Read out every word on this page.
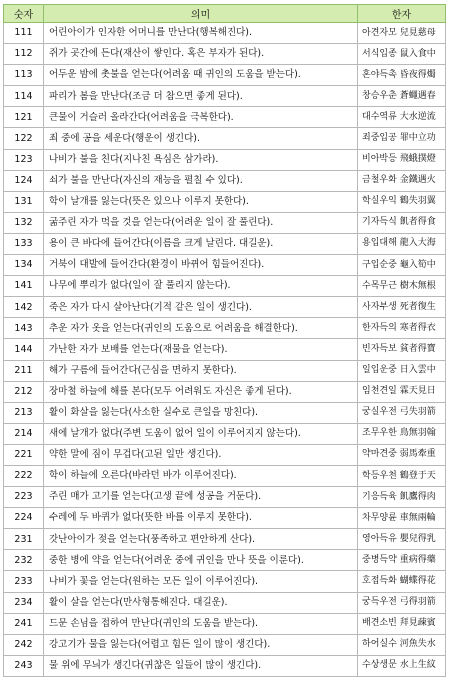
숫자	의미	한자
111	어린아이가 인자한 어머니를 만난다(행복해진다).	아견자모 兒見慈母
112	쥐가 곳간에 든다(재산이 쌓인다. 혹은 부자가 된다).	서식입종 鼠入食中
113	어두운 밤에 촛불을 얻는다(어려움 때 귀인의 도움을 받는다).	혼야득촉 昏夜得燭
114	파리가 봄을 만난다(조금 더 참으면 좋게 된다).	창승우춘 蒼蠅遇春
121	큰물이 거슬러 올라간다(어려움을 극복한다).	대수역류 大水逆流
122	죄 중에 공을 세운다(행운이 생긴다).	죄중입공 罪中立功
123	나비가 불을 친다(지나친 욕심은 삼가라).	비아박등 飛蛾撲燈
124	쇠가 불을 만난다(자신의 재능을 펼칠 수 있다).	금철우화 金鐵遇火
131	학이 날개를 잃는다(뜻은 있으나 이루지 못한다).	학실우익 鶴失羽翼
132	굶주린 자가 먹을 것을 얻는다(어려운 일이 잘 풀린다).	기자득식 飢者得食
133	용이 큰 바다에 들어간다(이름을 크게 날린다. 대길운).	용입대해 龍入大海
134	거북이 대발에 들어간다(환경이 바뀌어 힘들어진다).	구입순중 龜入筍中
141	나무에 뿌리가 없다(일이 잘 풀리지 않는다).	수목무근 樹木無根
142	죽은 자가 다시 살아난다(기적 같은 일이 생긴다).	사자부생 死者復生
143	추운 자가 옷을 얻는다(귀인의 도움으로 어려움을 해결한다).	한자득의 寒者得衣
144	가난한 자가 보배를 얻는다(재물을 얻는다).	빈자득보 貧者得寶
211	해가 구름에 들어간다(근심을 면하지 못한다).	일입운중 日入雲中
212	장마철 하늘에 해를 본다(모두 어려워도 자신은 좋게 된다).	임천견일 霖天見日
213	활이 화살을 잃는다(사소한 실수로 큰일을 망친다).	궁실우전 弓失羽箭
214	새에 날개가 없다(주변 도움이 없어 일이 이루어지지 않는다).	조무우한 鳥無羽翰
221	약한 말에 짐이 무겁다(고된 일만 생긴다).	약마견중 弱馬牽重
222	학이 하늘에 오른다(바라던 바가 이루어진다).	학등우천 鶴登于天
223	주린 매가 고기를 얻는다(고생 끝에 성공을 거둔다).	기응득육 飢鷹得肉
224	수레에 두 바퀴가 없다(뜻한 바를 이루지 못한다).	차무양륜 車無兩輪
231	갓난아이가 젖을 얻는다(풍족하고 편안하게 산다).	영아득유 嬰兒得乳
232	중한 병에 약을 얻는다(어려운 중에 귀인을 만나 뜻을 이룬다).	중병득약 重病得藥
233	나비가 꽃을 얻는다(원하는 모든 일이 이루어진다).	호접득화 蝴蝶得花
234	활이 살을 얻는다(만사형통해진다. 대길운).	궁득우전 弓得羽箭
241	드문 손님을 접하여 만난다(귀인의 도움을 받는다).	배견소빈 拜見疎賓
242	강고기가 물을 잃는다(어렵고 힘든 일이 많이 생긴다).	하어실수 河魚失水
243	물 위에 무늬가 생긴다(귀찮은 일들이 많이 생긴다).	수상생문 水上生紋
